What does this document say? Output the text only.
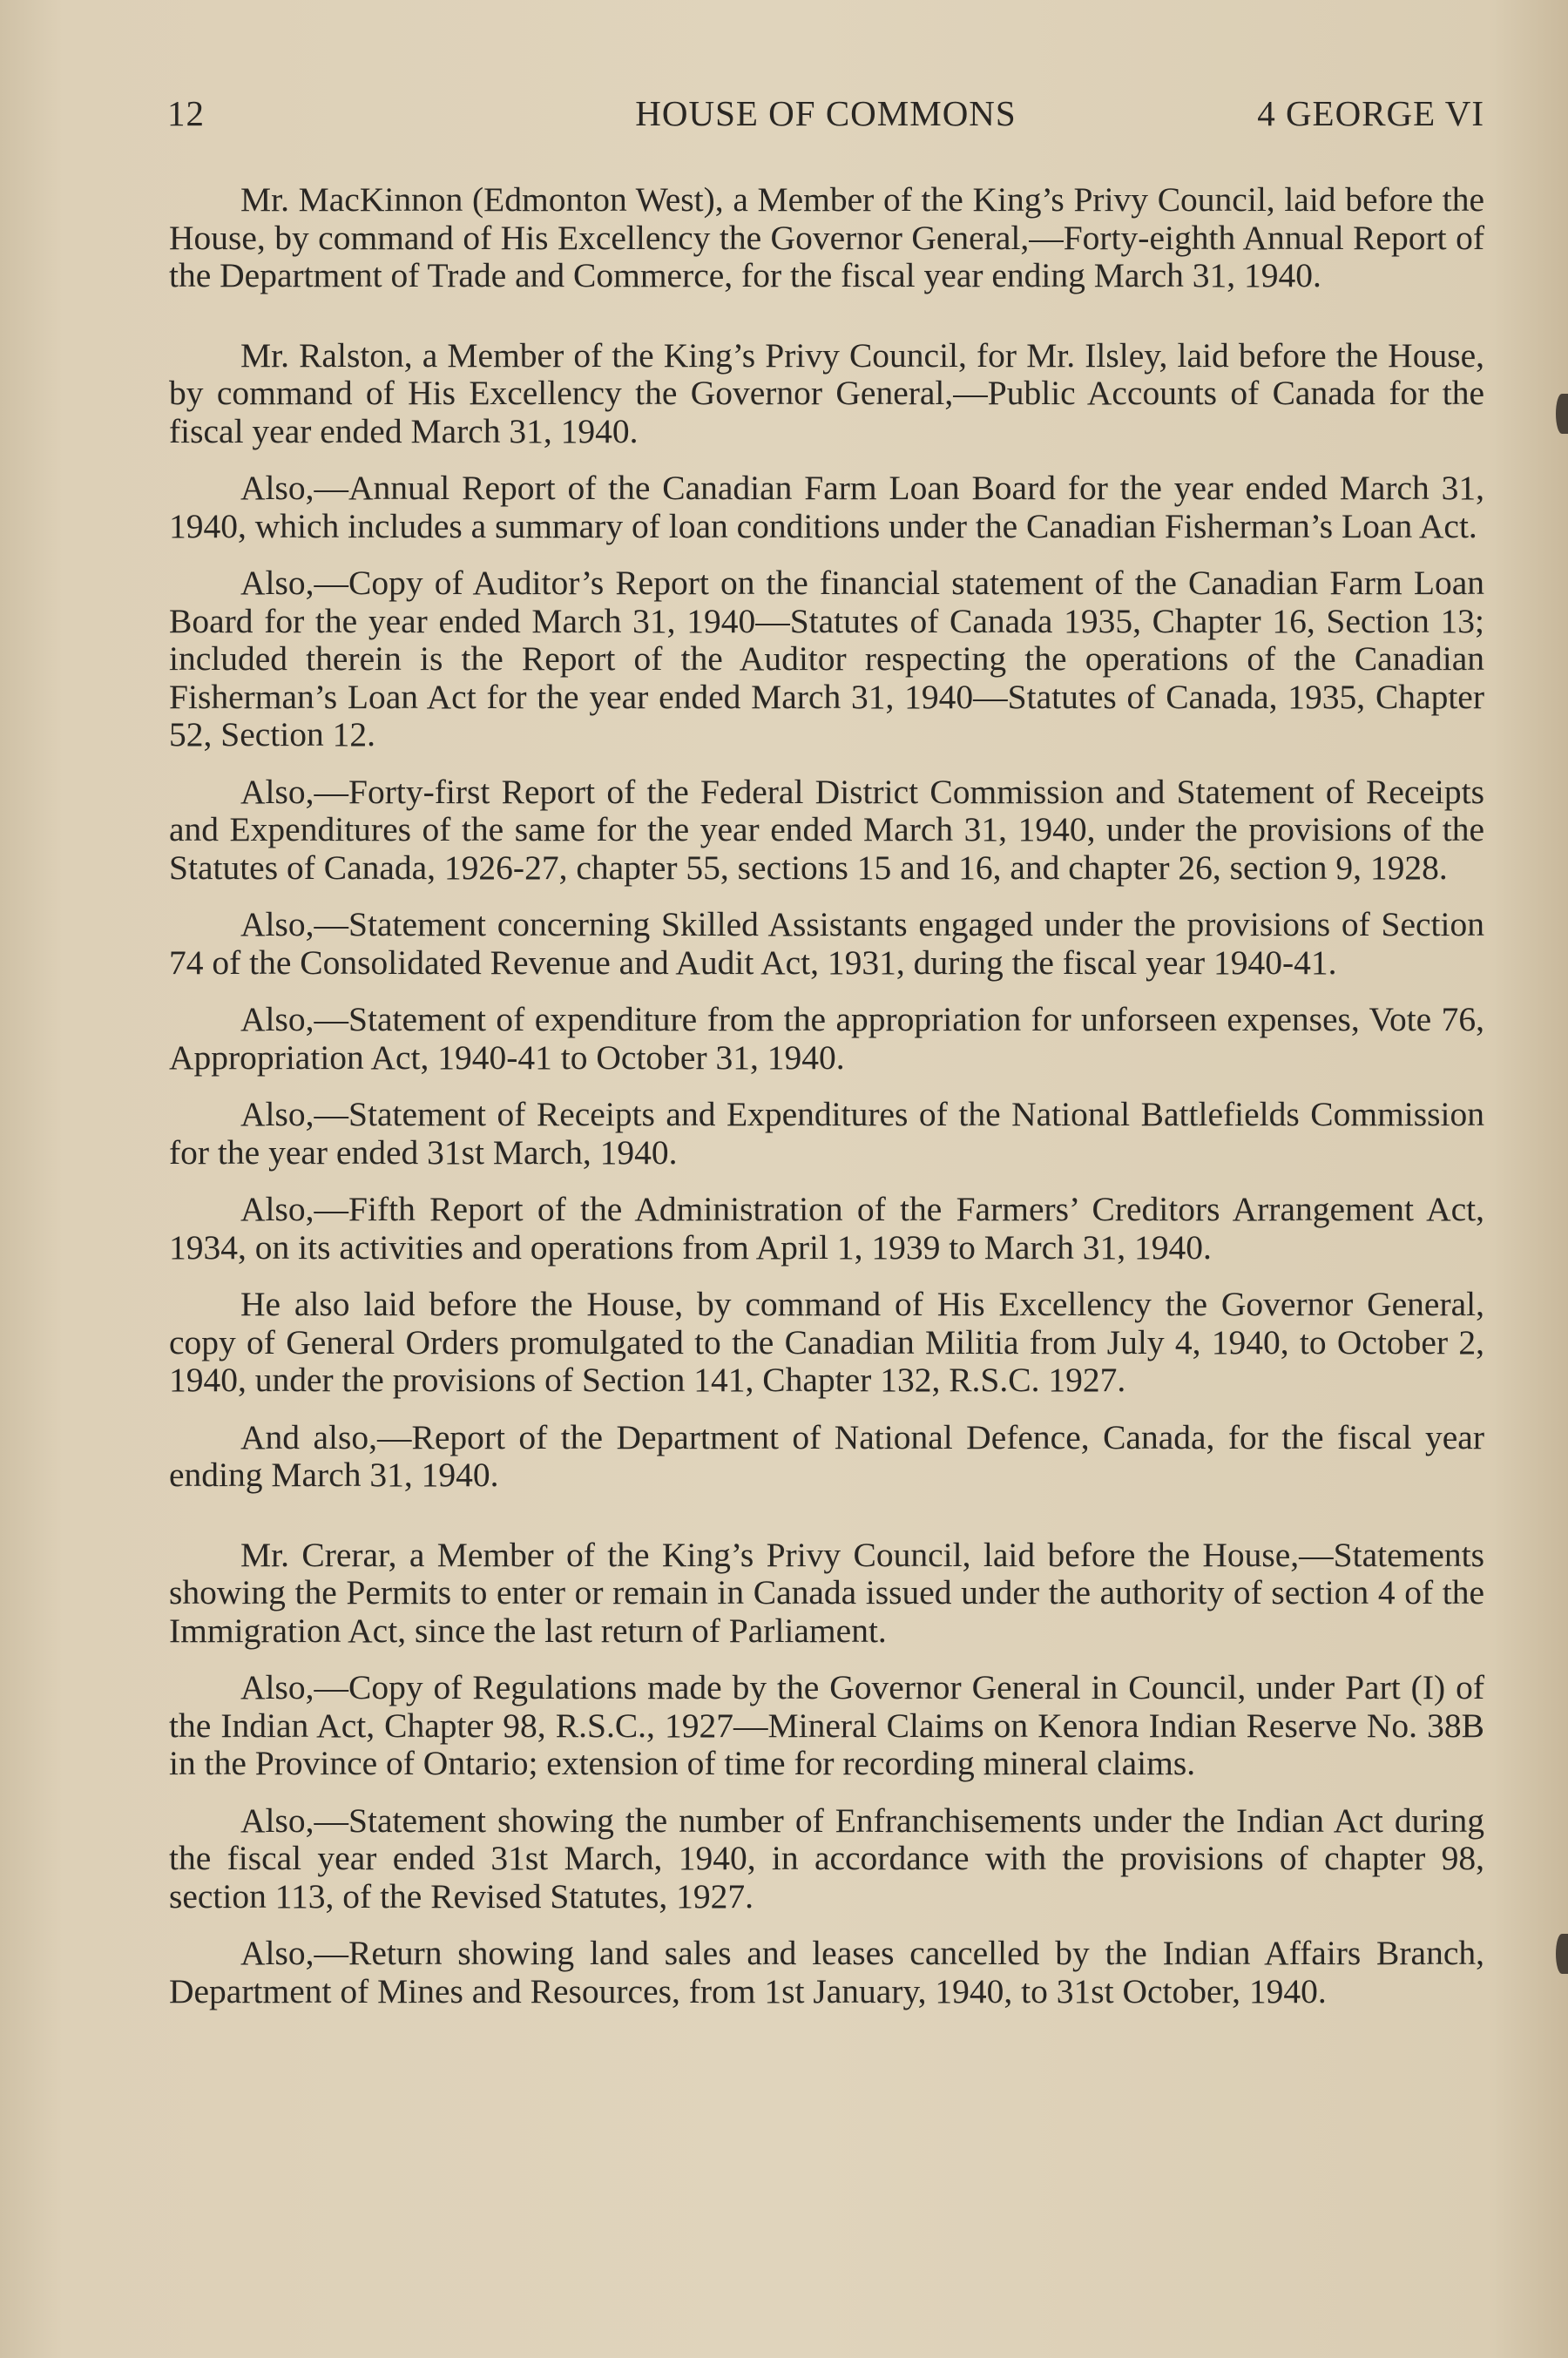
12	HOUSE OF COMMONS	4 GEORGE VI

Mr. MacKinnon (Edmonton West), a Member of the King’s Privy Council, laid before the House, by command of His Excellency the Governor General,—Forty-eighth Annual Report of the Department of Trade and Commerce, for the fiscal year ending March 31, 1940.

Mr. Ralston, a Member of the King’s Privy Council, for Mr. Ilsley, laid before the House, by command of His Excellency the Governor General,—Public Accounts of Canada for the fiscal year ended March 31, 1940.

Also,—Annual Report of the Canadian Farm Loan Board for the year ended March 31, 1940, which includes a summary of loan conditions under the Canadian Fisherman’s Loan Act.

Also,—Copy of Auditor’s Report on the financial statement of the Canadian Farm Loan Board for the year ended March 31, 1940—Statutes of Canada 1935, Chapter 16, Section 13; included therein is the Report of the Auditor respecting the operations of the Canadian Fisherman’s Loan Act for the year ended March 31, 1940—Statutes of Canada, 1935, Chapter 52, Section 12.

Also,—Forty-first Report of the Federal District Commission and Statement of Receipts and Expenditures of the same for the year ended March 31, 1940, under the provisions of the Statutes of Canada, 1926-27, chapter 55, sections 15 and 16, and chapter 26, section 9, 1928.

Also,—Statement concerning Skilled Assistants engaged under the provisions of Section 74 of the Consolidated Revenue and Audit Act, 1931, during the fiscal year 1940-41.

Also,—Statement of expenditure from the appropriation for unforseen expenses, Vote 76, Appropriation Act, 1940-41 to October 31, 1940.

Also,—Statement of Receipts and Expenditures of the National Battlefields Commission for the year ended 31st March, 1940.

Also,—Fifth Report of the Administration of the Farmers’ Creditors Arrangement Act, 1934, on its activities and operations from April 1, 1939 to March 31, 1940.

He also laid before the House, by command of His Excellency the Governor General, copy of General Orders promulgated to the Canadian Militia from July 4, 1940, to October 2, 1940, under the provisions of Section 141, Chapter 132, R.S.C. 1927.

And also,—Report of the Department of National Defence, Canada, for the fiscal year ending March 31, 1940.

Mr. Crerar, a Member of the King’s Privy Council, laid before the House,—Statements showing the Permits to enter or remain in Canada issued under the authority of section 4 of the Immigration Act, since the last return of Parliament.

Also,—Copy of Regulations made by the Governor General in Council, under Part (I) of the Indian Act, Chapter 98, R.S.C., 1927—Mineral Claims on Kenora Indian Reserve No. 38B in the Province of Ontario; extension of time for recording mineral claims.

Also,—Statement showing the number of Enfranchisements under the Indian Act during the fiscal year ended 31st March, 1940, in accordance with the provisions of chapter 98, section 113, of the Revised Statutes, 1927.

Also,—Return showing land sales and leases cancelled by the Indian Affairs Branch, Department of Mines and Resources, from 1st January, 1940, to 31st October, 1940.
